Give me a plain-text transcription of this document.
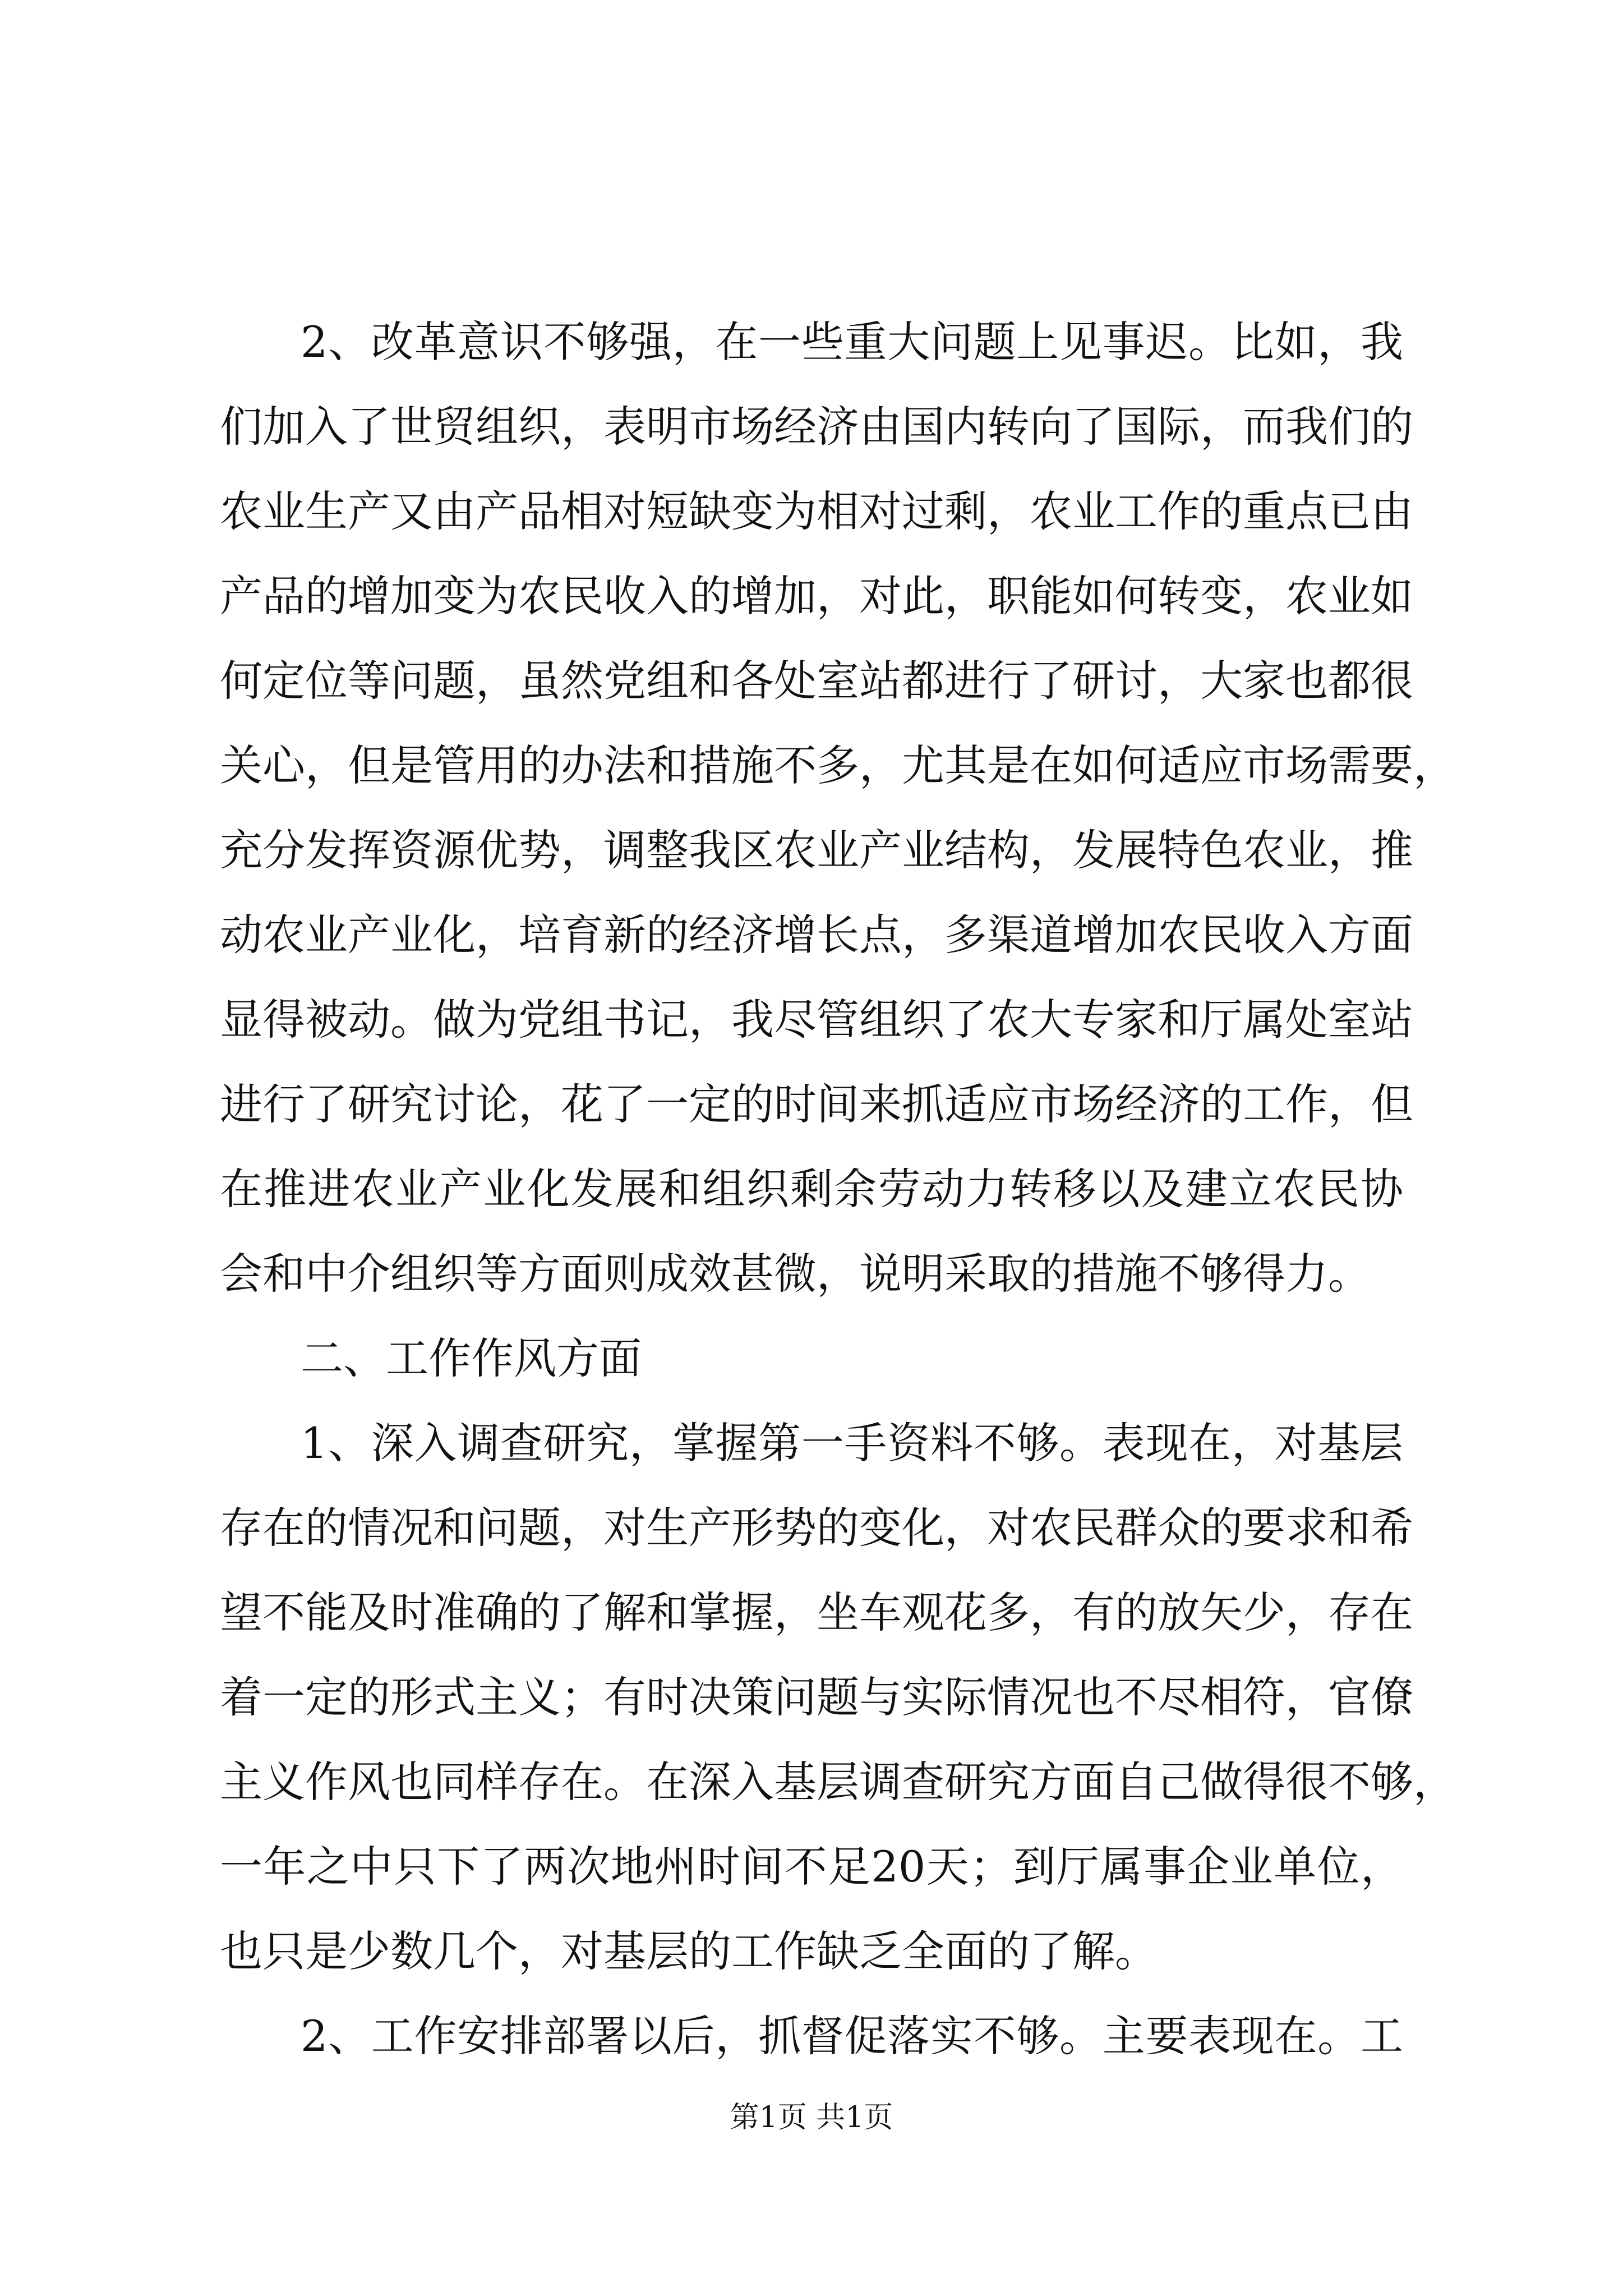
2、改革意识不够强，在一些重大问题上见事迟。比如，我
们加入了世贸组织，表明市场经济由国内转向了国际，而我们的
农业生产又由产品相对短缺变为相对过剩，农业工作的重点已由
产品的增加变为农民收入的增加，对此，职能如何转变，农业如
何定位等问题，虽然党组和各处室站都进行了研讨，大家也都很
关心，但是管用的办法和措施不多，尤其是在如何适应市场需要，
充分发挥资源优势，调整我区农业产业结构，发展特色农业，推
动农业产业化，培育新的经济增长点，多渠道增加农民收入方面
显得被动。做为党组书记，我尽管组织了农大专家和厅属处室站
进行了研究讨论，花了一定的时间来抓适应市场经济的工作，但
在推进农业产业化发展和组织剩余劳动力转移以及建立农民协
会和中介组织等方面则成效甚微，说明采取的措施不够得力。
二、工作作风方面
1、深入调查研究，掌握第一手资料不够。表现在，对基层
存在的情况和问题，对生产形势的变化，对农民群众的要求和希
望不能及时准确的了解和掌握，坐车观花多，有的放矢少，存在
着一定的形式主义；有时决策问题与实际情况也不尽相符，官僚
主义作风也同样存在。在深入基层调查研究方面自己做得很不够，
一年之中只下了两次地州时间不足20天；到厅属事企业单位，
也只是少数几个，对基层的工作缺乏全面的了解。
2、工作安排部署以后，抓督促落实不够。主要表现在。工
第1页 共1页
